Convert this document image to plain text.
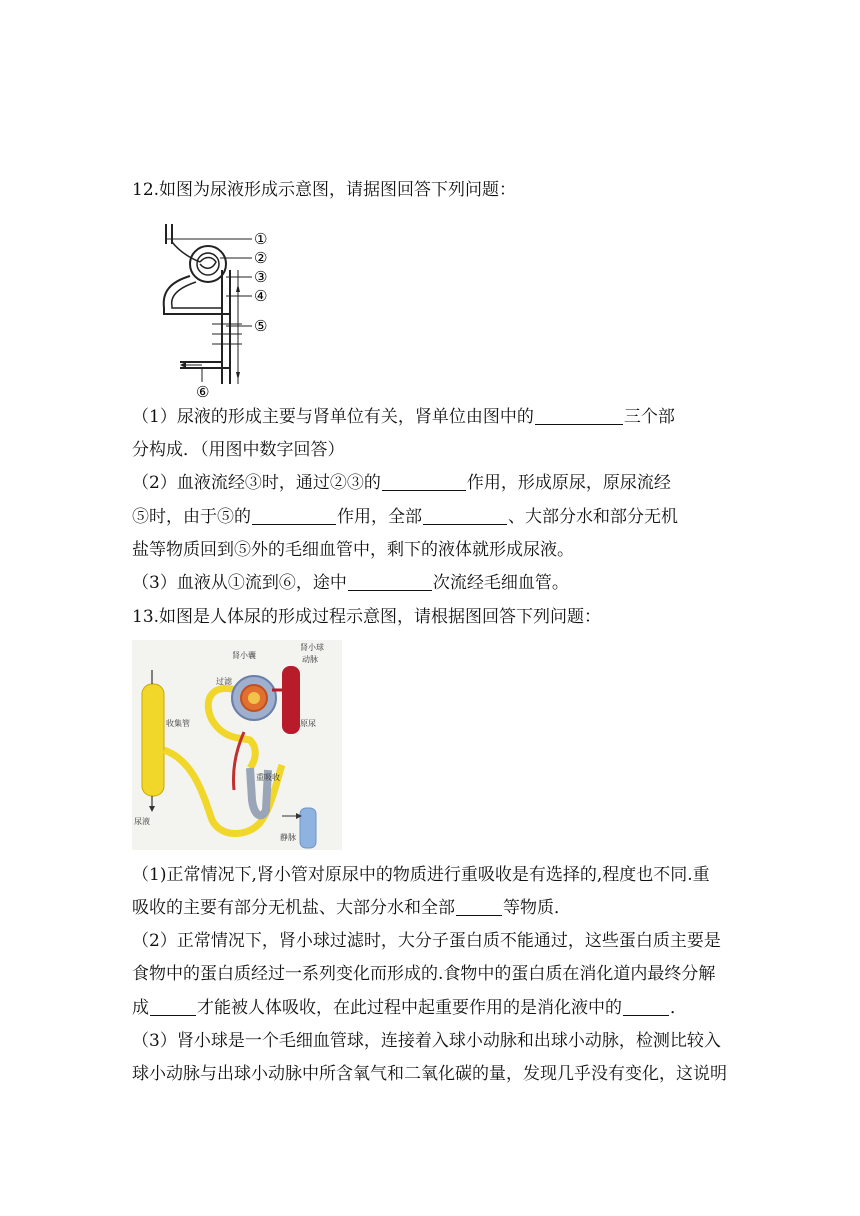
12.如图为尿液形成示意图，请据图回答下列问题：
①
②
③
④
⑤
⑥
（1）尿液的形成主要与肾单位有关，肾单位由图中的	三个部
分构成．（用图中数字回答）
（2）血液流经③时，通过②③的	作用，形成原尿，原尿流经
⑤时，由于⑤的	作用，全部	、大部分水和部分无机
盐等物质回到⑤外的毛细血管中，剩下的液体就形成尿液。
（3）血液从①流到⑥，途中	次流经毛细血管。
13.如图是人体尿的形成过程示意图，请根据图回答下列问题：
肾小囊
肾小球
动脉
过滤
原尿
收集管
重吸收
尿液
静脉
（1)正常情况下,肾小管对原尿中的物质进行重吸收是有选择的,程度也不同.重
吸收的主要有部分无机盐、大部分水和全部	等物质．
（2）正常情况下，肾小球过滤时，大分子蛋白质不能通过，这些蛋白质主要是
食物中的蛋白质经过一系列变化而形成的.食物中的蛋白质在消化道内最终分解
成	才能被人体吸收，在此过程中起重要作用的是消化液中的	．
（3）肾小球是一个毛细血管球，连接着入球小动脉和出球小动脉，检测比较入
球小动脉与出球小动脉中所含氧气和二氧化碳的量，发现几乎没有变化，这说明
